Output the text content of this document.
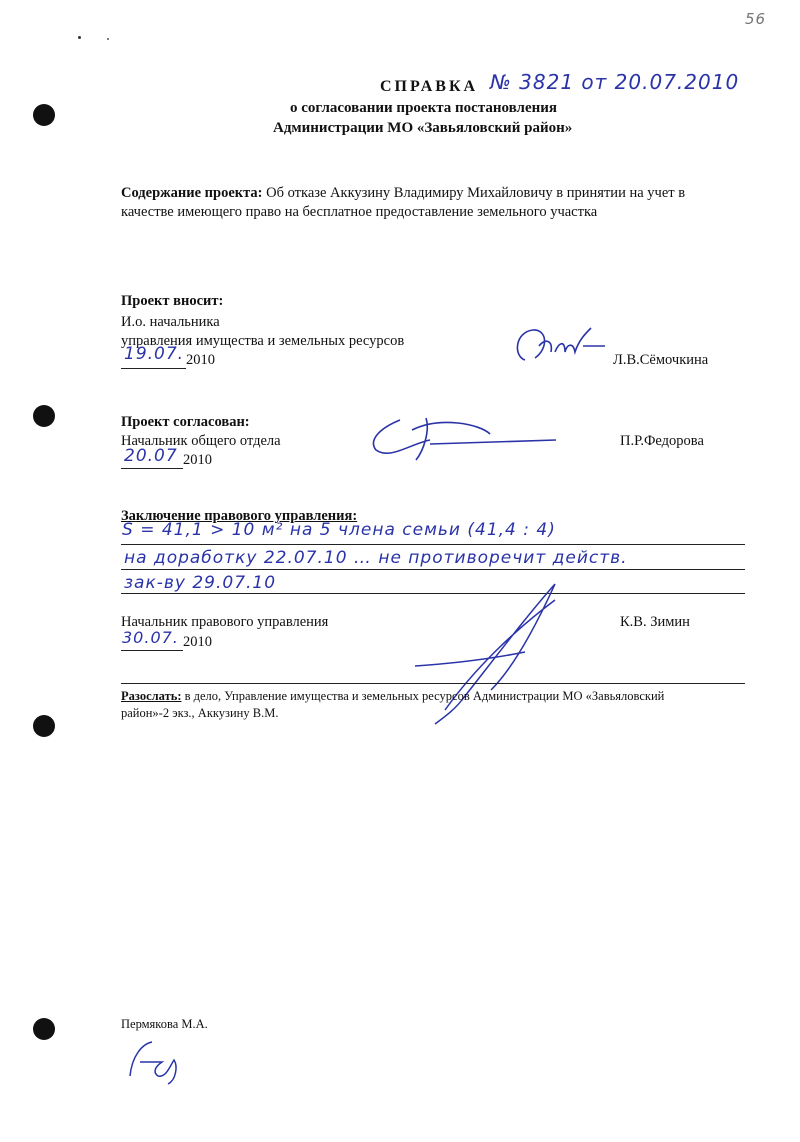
56
СПРАВКА № 3821 от 20.07.2010
о согласовании проекта постановления
Администрации МО «Завьяловский район»
Содержание проекта: Об отказе Аккузину Владимиру Михайловичу в принятии на учет в
качестве имеющего право на бесплатное предоставление земельного участка
Проект вносит:
И.о. начальника
управления имущества и земельных ресурсов
19.07. 2010	Л.В.Сёмочкина
Проект согласован:
Начальник общего отдела
20.07 2010
П.Р.Федорова
Заключение правового управления:
S = 41,1 > 10 м² на 5 члена семьи (41,4 : 4)
на доработку 22.07.10 … не противоречит действ.
зак-ву 29.07.10
Начальник правового управления
30.07. 2010
К.В. Зимин
Разослать: в дело, Управление имущества и земельных ресурсов Администрации МО «Завьяловский
район»-2 экз., Аккузину В.М.
Пермякова М.А.
